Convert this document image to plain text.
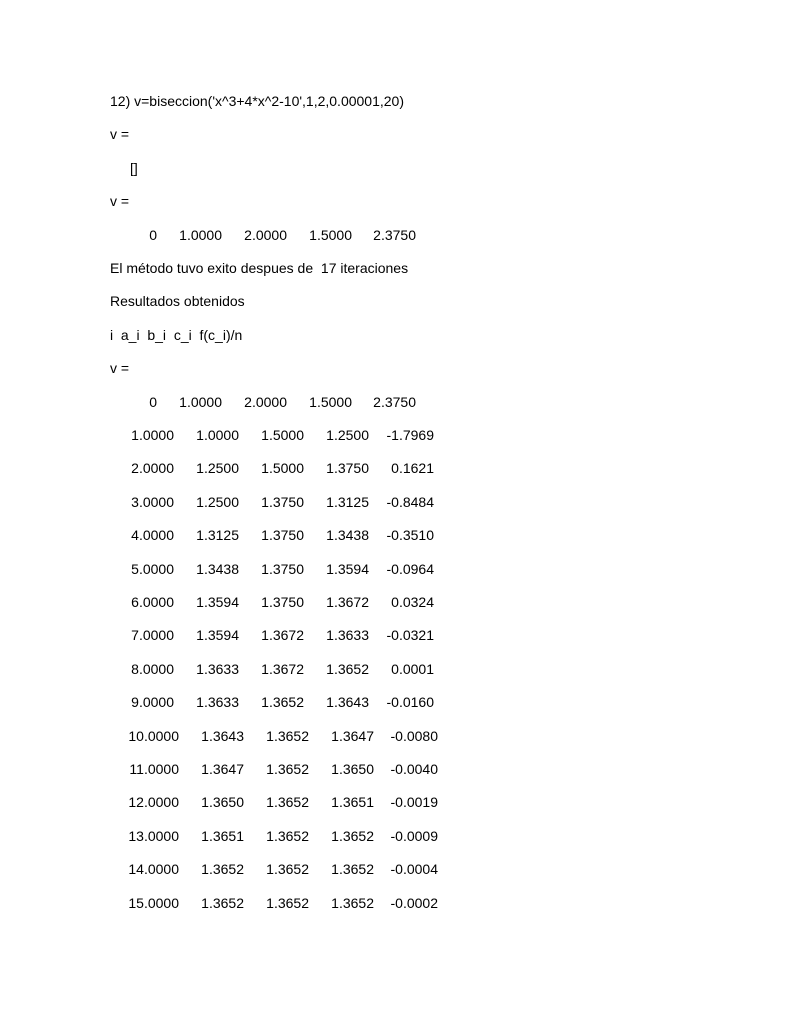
12) v=biseccion('x^3+4*x^2-10',1,2,0.00001,20)
v =
[]
v =
0	1.0000	2.0000	1.5000	2.3750
El método tuvo exito despues de  17 iteraciones
Resultados obtenidos
i  a_i  b_i  c_i  f(c_i)/n
v =
0	1.0000	2.0000	1.5000	2.3750
1.0000	1.0000	1.5000	1.2500	-1.7969
2.0000	1.2500	1.5000	1.3750	0.1621
3.0000	1.2500	1.3750	1.3125	-0.8484
4.0000	1.3125	1.3750	1.3438	-0.3510
5.0000	1.3438	1.3750	1.3594	-0.0964
6.0000	1.3594	1.3750	1.3672	0.0324
7.0000	1.3594	1.3672	1.3633	-0.0321
8.0000	1.3633	1.3672	1.3652	0.0001
9.0000	1.3633	1.3652	1.3643	-0.0160
10.0000	1.3643	1.3652	1.3647	-0.0080
11.0000	1.3647	1.3652	1.3650	-0.0040
12.0000	1.3650	1.3652	1.3651	-0.0019
13.0000	1.3651	1.3652	1.3652	-0.0009
14.0000	1.3652	1.3652	1.3652	-0.0004
15.0000	1.3652	1.3652	1.3652	-0.0002
